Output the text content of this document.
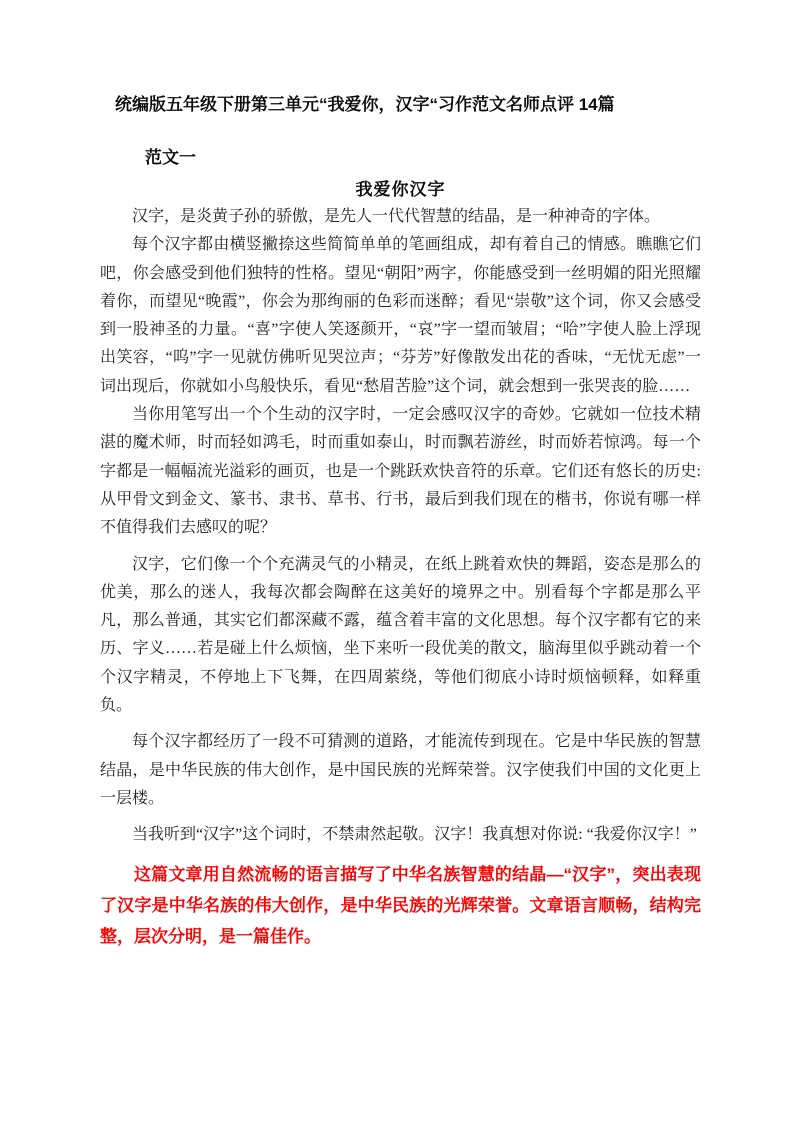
统编版五年级下册第三单元“我爱你，汉字“习作范文名师点评 14篇
范文一
我爱你汉字

汉字，是炎黄子孙的骄傲，是先人一代代智慧的结晶，是一种神奇的字体。

每个汉字都由横竖撇捺这些简简单单的笔画组成，却有着自己的情感。瞧瞧它们吧，你会感受到他们独特的性格。望见“朝阳”两字，你能感受到一丝明媚的阳光照耀着你，而望见“晚霞”，你会为那绚丽的色彩而迷醉；看见“崇敬”这个词，你又会感受到一股神圣的力量。“喜”字使人笑逐颜开，“哀”字一望而皱眉；“哈”字使人脸上浮现出笑容，“呜”字一见就仿佛听见哭泣声；“芬芳”好像散发出花的香味，“无忧无虑”一词出现后，你就如小鸟般快乐，看见“愁眉苦脸”这个词，就会想到一张哭丧的脸……

当你用笔写出一个个生动的汉字时，一定会感叹汉字的奇妙。它就如一位技术精湛的魔术师，时而轻如鸿毛，时而重如泰山，时而飘若游丝，时而娇若惊鸿。每一个字都是一幅幅流光溢彩的画页，也是一个跳跃欢快音符的乐章。它们还有悠长的历史: 从甲骨文到金文、篆书、隶书、草书、行书，最后到我们现在的楷书，你说有哪一样不值得我们去感叹的呢？

汉字，它们像一个个充满灵气的小精灵，在纸上跳着欢快的舞蹈，姿态是那么的优美，那么的迷人，我每次都会陶醉在这美好的境界之中。别看每个字都是那么平凡，那么普通，其实它们都深藏不露，蕴含着丰富的文化思想。每个汉字都有它的来历、字义……若是碰上什么烦恼，坐下来听一段优美的散文，脑海里似乎跳动着一个个汉字精灵，不停地上下飞舞，在四周萦绕，等他们彻底小诗时烦恼顿释，如释重负。

每个汉字都经历了一段不可猜测的道路，才能流传到现在。它是中华民族的智慧结晶，是中华民族的伟大创作，是中国民族的光辉荣誉。汉字使我们中国的文化更上一层楼。

当我听到“汉字”这个词时，不禁肃然起敬。汉字！我真想对你说: “我爱你汉字！”

这篇文章用自然流畅的语言描写了中华名族智慧的结晶—“汉字”，突出表现了汉字是中华名族的伟大创作，是中华民族的光辉荣誉。文章语言顺畅，结构完整，层次分明，是一篇佳作。
